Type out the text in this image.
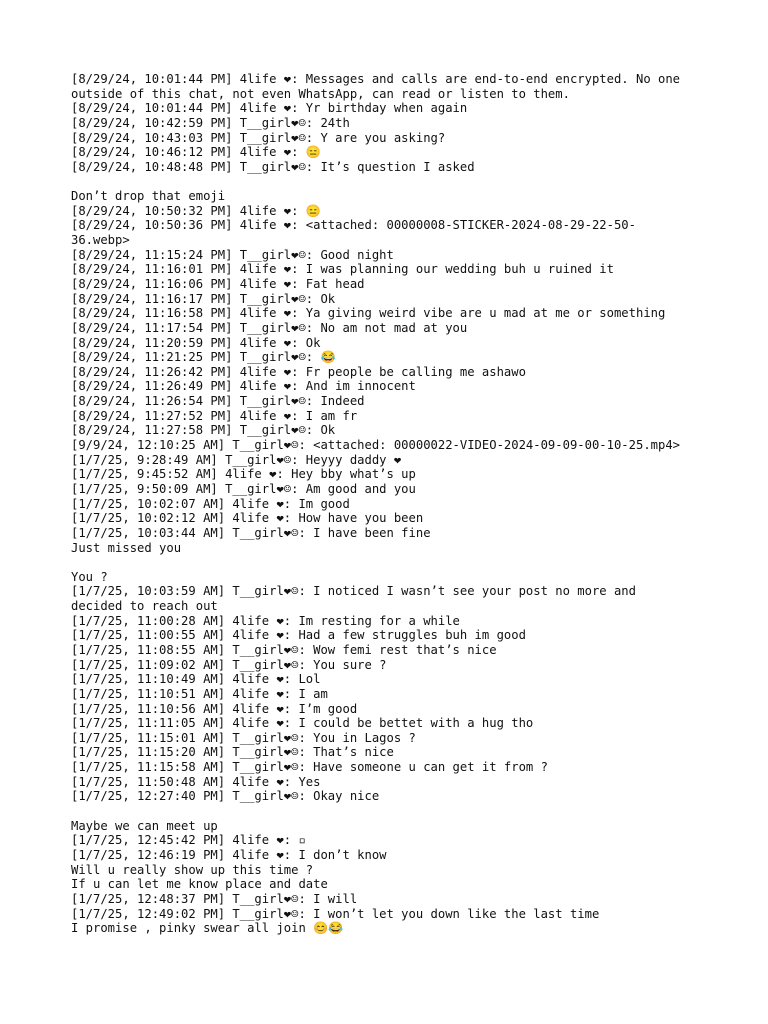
[8/29/24, 10:01:44 PM] 4life ❤: Messages and calls are end-to-end encrypted. No one
outside of this chat, not even WhatsApp, can read or listen to them.
[8/29/24, 10:01:44 PM] 4life ❤: Yr birthday when again
[8/29/24, 10:42:59 PM] T__girl❤☺: 24th
[8/29/24, 10:43:03 PM] T__girl❤☺: Y are you asking?
[8/29/24, 10:46:12 PM] 4life ❤: 😑
[8/29/24, 10:48:48 PM] T__girl❤☺: It’s question I asked
Don’t drop that emoji
[8/29/24, 10:50:32 PM] 4life ❤: 😑
[8/29/24, 10:50:36 PM] 4life ❤: <attached: 00000008-STICKER-2024-08-29-22-50-
36.webp>
[8/29/24, 11:15:24 PM] T__girl❤☺: Good night
[8/29/24, 11:16:01 PM] 4life ❤: I was planning our wedding buh u ruined it
[8/29/24, 11:16:06 PM] 4life ❤: Fat head
[8/29/24, 11:16:17 PM] T__girl❤☺: Ok
[8/29/24, 11:16:58 PM] 4life ❤: Ya giving weird vibe are u mad at me or something
[8/29/24, 11:17:54 PM] T__girl❤☺: No am not mad at you
[8/29/24, 11:20:59 PM] 4life ❤: Ok
[8/29/24, 11:21:25 PM] T__girl❤☺: 😂
[8/29/24, 11:26:42 PM] 4life ❤: Fr people be calling me ashawo
[8/29/24, 11:26:49 PM] 4life ❤: And im innocent
[8/29/24, 11:26:54 PM] T__girl❤☺: Indeed
[8/29/24, 11:27:52 PM] 4life ❤: I am fr
[8/29/24, 11:27:58 PM] T__girl❤☺: Ok
[9/9/24, 12:10:25 AM] T__girl❤☺: <attached: 00000022-VIDEO-2024-09-09-00-10-25.mp4>
[1/7/25, 9:28:49 AM] T__girl❤☺: Heyyy daddy ❤
[1/7/25, 9:45:52 AM] 4life ❤: Hey bby what’s up
[1/7/25, 9:50:09 AM] T__girl❤☺: Am good and you
[1/7/25, 10:02:07 AM] 4life ❤: Im good
[1/7/25, 10:02:12 AM] 4life ❤: How have you been
[1/7/25, 10:03:44 AM] T__girl❤☺: I have been fine
Just missed you
You ?
[1/7/25, 10:03:59 AM] T__girl❤☺: I noticed I wasn’t see your post no more and
decided to reach out
[1/7/25, 11:00:28 AM] 4life ❤: Im resting for a while
[1/7/25, 11:00:55 AM] 4life ❤: Had a few struggles buh im good
[1/7/25, 11:08:55 AM] T__girl❤☺: Wow femi rest that’s nice
[1/7/25, 11:09:02 AM] T__girl❤☺: You sure ?
[1/7/25, 11:10:49 AM] 4life ❤: Lol
[1/7/25, 11:10:51 AM] 4life ❤: I am
[1/7/25, 11:10:56 AM] 4life ❤: I’m good
[1/7/25, 11:11:05 AM] 4life ❤: I could be bettet with a hug tho
[1/7/25, 11:15:01 AM] T__girl❤☺: You in Lagos ?
[1/7/25, 11:15:20 AM] T__girl❤☺: That’s nice
[1/7/25, 11:15:58 AM] T__girl❤☺: Have someone u can get it from ?
[1/7/25, 11:50:48 AM] 4life ❤: Yes
[1/7/25, 12:27:40 PM] T__girl❤☺: Okay nice
Maybe we can meet up
[1/7/25, 12:45:42 PM] 4life ❤: ▫
[1/7/25, 12:46:19 PM] 4life ❤: I don’t know
Will u really show up this time ?
If u can let me know place and date
[1/7/25, 12:48:37 PM] T__girl❤☺: I will
[1/7/25, 12:49:02 PM] T__girl❤☺: I won’t let you down like the last time
I promise , pinky swear all join 😊😂
